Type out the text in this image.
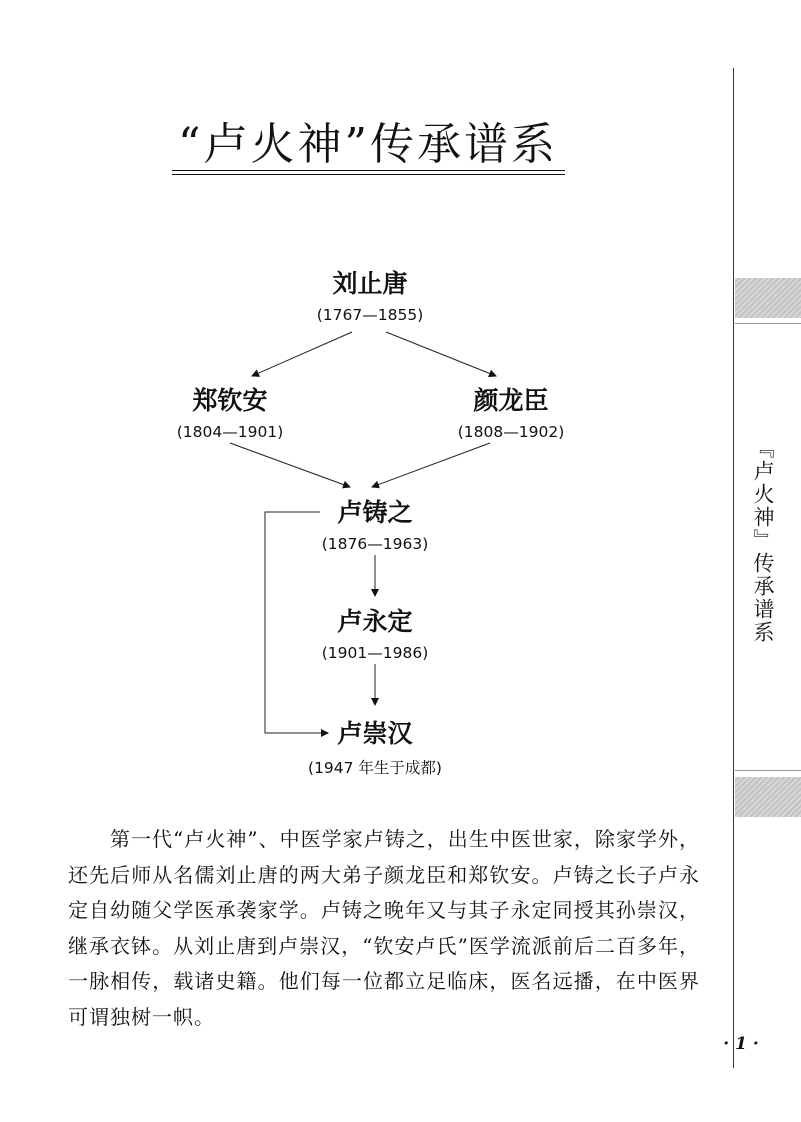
“卢火神”传承谱系
刘止唐
(1767—1855)
郑钦安
(1804—1901)
颜龙臣
(1808—1902)
卢铸之
(1876—1963)
卢永定
(1901—1986)
卢崇汉
(1947 年生于成都)
『卢火神』传承谱系
第一代“卢火神”、中医学家卢铸之，出生中医世家，除家学外，还先后师从名儒刘止唐的两大弟子颜龙臣和郑钦安。卢铸之长子卢永定自幼随父学医承袭家学。卢铸之晚年又与其子永定同授其孙崇汉，继承衣钵。从刘止唐到卢崇汉，“钦安卢氏”医学流派前后二百多年，一脉相传，载诸史籍。他们每一位都立足临床，医名远播，在中医界可谓独树一帜。
· 1 ·
